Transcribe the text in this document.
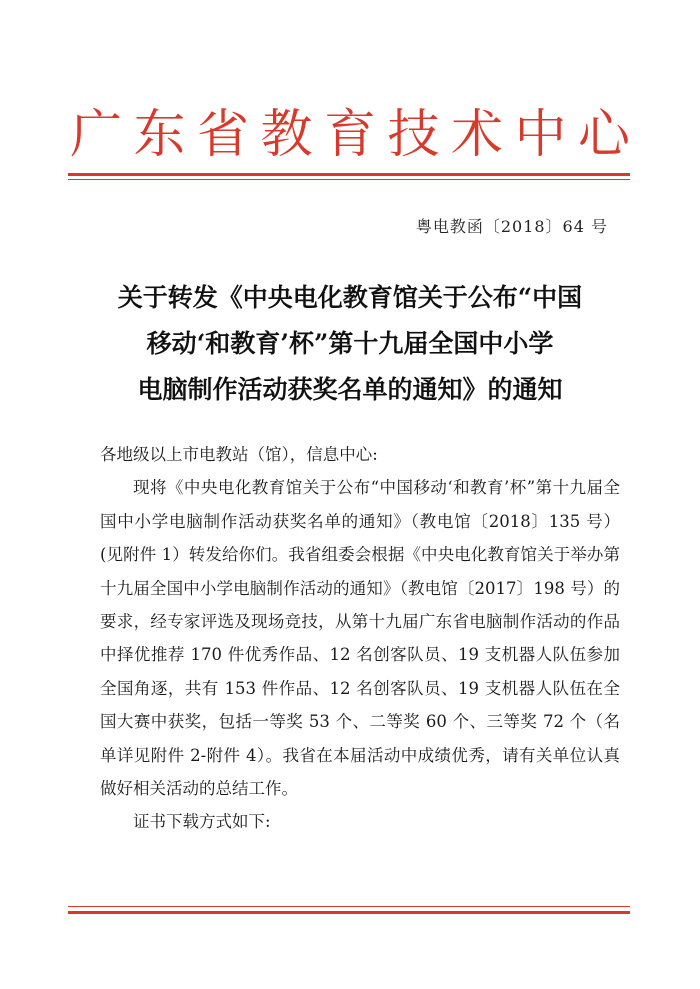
广 东 省 教 育 技 术 中 心
粤电教函〔2018〕64 号
关于转发《中央电化教育馆关于公布“中国
移动‘和教育’杯”第十九届全国中小学
电脑制作活动获奖名单的通知》的通知

各地级以上市电教站（馆），信息中心:

现将《中央电化教育馆关于公布“中国移动‘和教育’杯”第十九届全国中小学电脑制作活动获奖名单的通知》（教电馆〔2018〕135 号）(见附件 1）转发给你们。我省组委会根据《中央电化教育馆关于举办第十九届全国中小学电脑制作活动的通知》（教电馆〔2017〕198 号）的要求，经专家评选及现场竞技，从第十九届广东省电脑制作活动的作品中择优推荐 170 件优秀作品、12 名创客队员、19 支机器人队伍参加全国角逐，共有 153 件作品、12 名创客队员、19 支机器人队伍在全国大赛中获奖，包括一等奖 53 个、二等奖 60 个、三等奖 72 个（名单详见附件 2-附件 4）。我省在本届活动中成绩优秀，请有关单位认真做好相关活动的总结工作。

证书下载方式如下:
